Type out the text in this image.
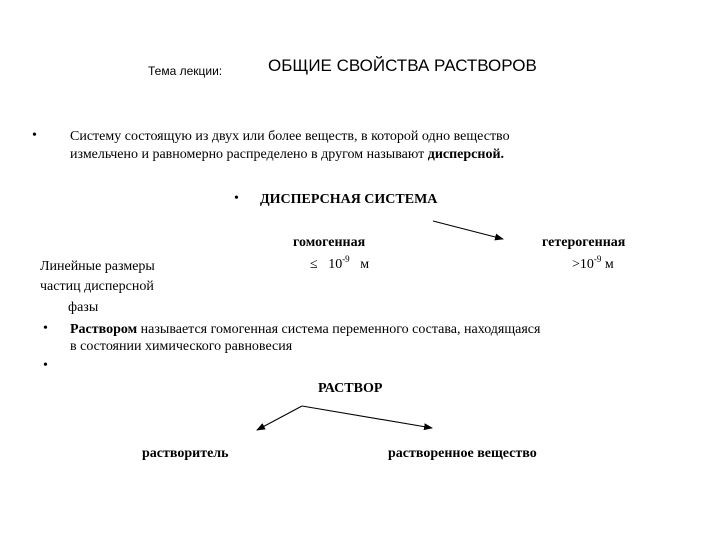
Тема лекции:	ОБЩИЕ СВОЙСТВА РАСТВОРОВ
• Систему состоящую из двух или более веществ, в которой одно вещество
измельчено и равномерно распределено в другом называют дисперсной.
• ДИСПЕРСНАЯ СИСТЕМА
гомогенная	гетерогенная
≤ $10^{-9}$ м	$>10^{-9}$ м
Линейные размеры
частиц дисперсной
фазы
• Раствором называется гомогенная система переменного состава, находящаяся
в состоянии химического равновесия
•
РАСТВОР
растворитель	растворенное вещество
